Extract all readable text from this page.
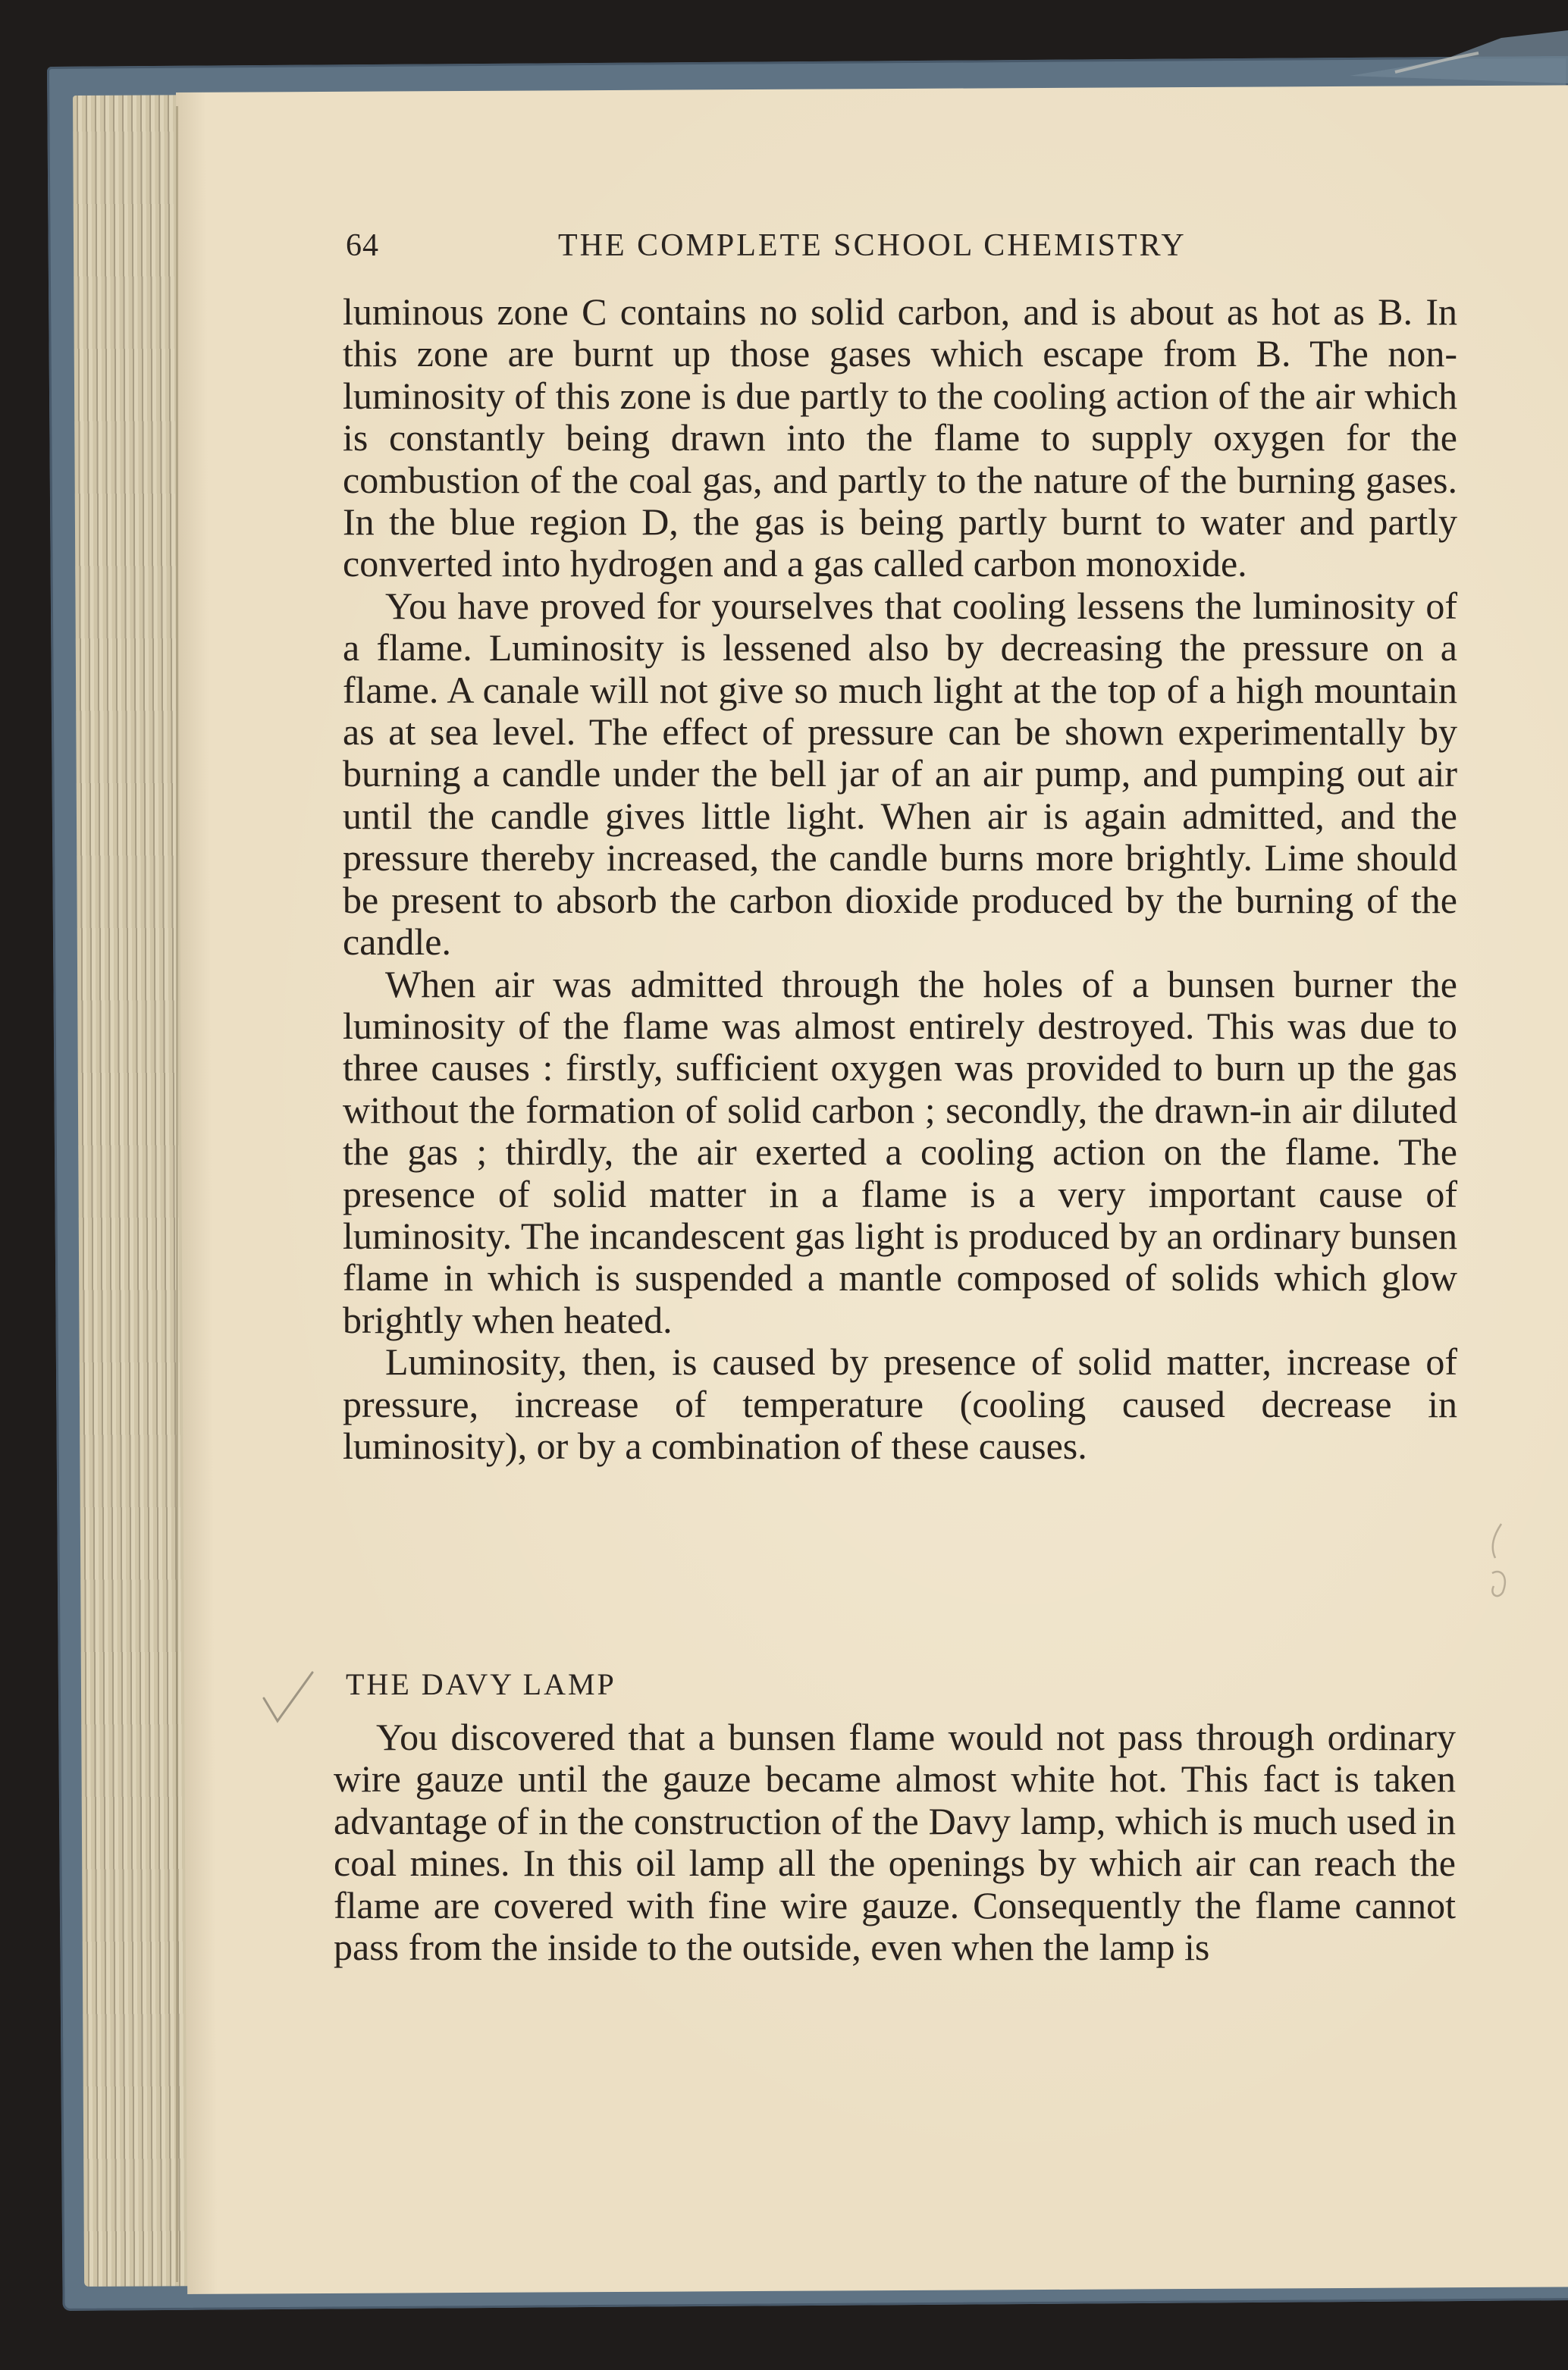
64	THE COMPLETE SCHOOL CHEMISTRY

luminous zone C contains no solid carbon, and is about as hot as B. In this zone are burnt up those gases which escape from B. The non-luminosity of this zone is due partly to the cooling action of the air which is constantly being drawn into the flame to supply oxygen for the combustion of the coal gas, and partly to the nature of the burning gases. In the blue region D, the gas is being partly burnt to water and partly converted into hydrogen and a gas called carbon monoxide.

You have proved for yourselves that cooling lessens the luminosity of a flame. Luminosity is lessened also by decreasing the pressure on a flame. A canale will not give so much light at the top of a high mountain as at sea level. The effect of pressure can be shown experimentally by burning a candle under the bell jar of an air pump, and pumping out air until the candle gives little light. When air is again admitted, and the pressure thereby increased, the candle burns more brightly. Lime should be present to absorb the carbon dioxide produced by the burning of the candle.

When air was admitted through the holes of a bunsen burner the luminosity of the flame was almost entirely destroyed. This was due to three causes : firstly, sufficient oxygen was provided to burn up the gas without the formation of solid carbon ; secondly, the drawn-in air diluted the gas ; thirdly, the air exerted a cooling action on the flame. The presence of solid matter in a flame is a very important cause of luminosity. The incandescent gas light is produced by an ordinary bunsen flame in which is suspended a mantle composed of solids which glow brightly when heated.

Luminosity, then, is caused by presence of solid matter, increase of pressure, increase of temperature (cooling caused decrease in luminosity), or by a combination of these causes.

THE DAVY LAMP

You discovered that a bunsen flame would not pass through ordinary wire gauze until the gauze became almost white hot. This fact is taken advantage of in the construction of the Davy lamp, which is much used in coal mines. In this oil lamp all the openings by which air can reach the flame are covered with fine wire gauze. Consequently the flame cannot pass from the inside to the outside, even when the lamp is
